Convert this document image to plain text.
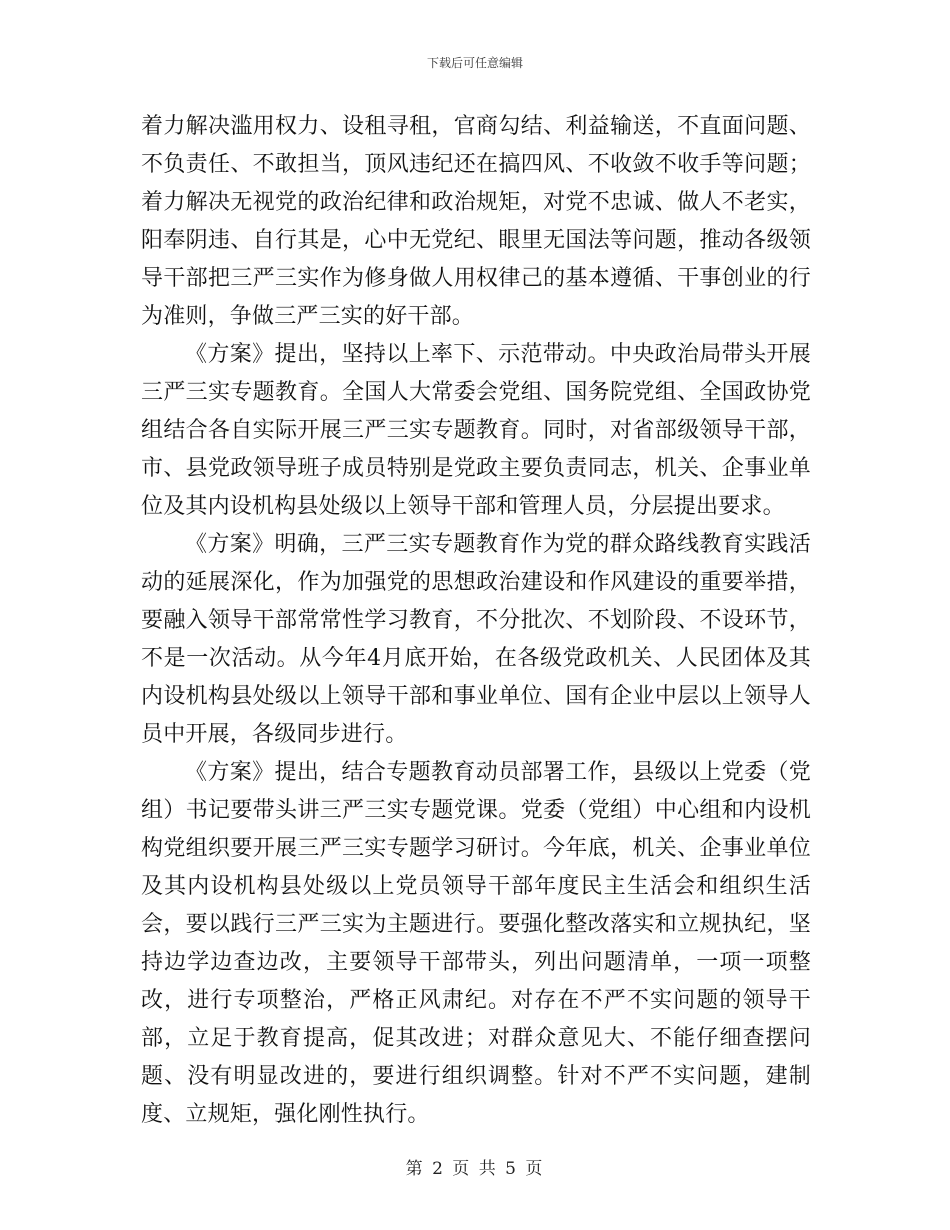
下载后可任意编辑

着力解决滥用权力、设租寻租，官商勾结、利益输送，不直面问题、不负责任、不敢担当，顶风违纪还在搞四风、不收敛不收手等问题；着力解决无视党的政治纪律和政治规矩，对党不忠诚、做人不老实，阳奉阴违、自行其是，心中无党纪、眼里无国法等问题，推动各级领导干部把三严三实作为修身做人用权律己的基本遵循、干事创业的行为准则，争做三严三实的好干部。

《方案》提出，坚持以上率下、示范带动。中央政治局带头开展三严三实专题教育。全国人大常委会党组、国务院党组、全国政协党组结合各自实际开展三严三实专题教育。同时，对省部级领导干部，市、县党政领导班子成员特别是党政主要负责同志，机关、企事业单位及其内设机构县处级以上领导干部和管理人员，分层提出要求。

《方案》明确，三严三实专题教育作为党的群众路线教育实践活动的延展深化，作为加强党的思想政治建设和作风建设的重要举措，要融入领导干部常常性学习教育，不分批次、不划阶段、不设环节，不是一次活动。从今年4月底开始，在各级党政机关、人民团体及其内设机构县处级以上领导干部和事业单位、国有企业中层以上领导人员中开展，各级同步进行。

《方案》提出，结合专题教育动员部署工作，县级以上党委（党组）书记要带头讲三严三实专题党课。党委（党组）中心组和内设机构党组织要开展三严三实专题学习研讨。今年底，机关、企事业单位及其内设机构县处级以上党员领导干部年度民主生活会和组织生活会，要以践行三严三实为主题进行。要强化整改落实和立规执纪，坚持边学边查边改，主要领导干部带头，列出问题清单，一项一项整改，进行专项整治，严格正风肃纪。对存在不严不实问题的领导干部，立足于教育提高，促其改进；对群众意见大、不能仔细查摆问题、没有明显改进的，要进行组织调整。针对不严不实问题，建制度、立规矩，强化刚性执行。

第 2 页 共 5 页
